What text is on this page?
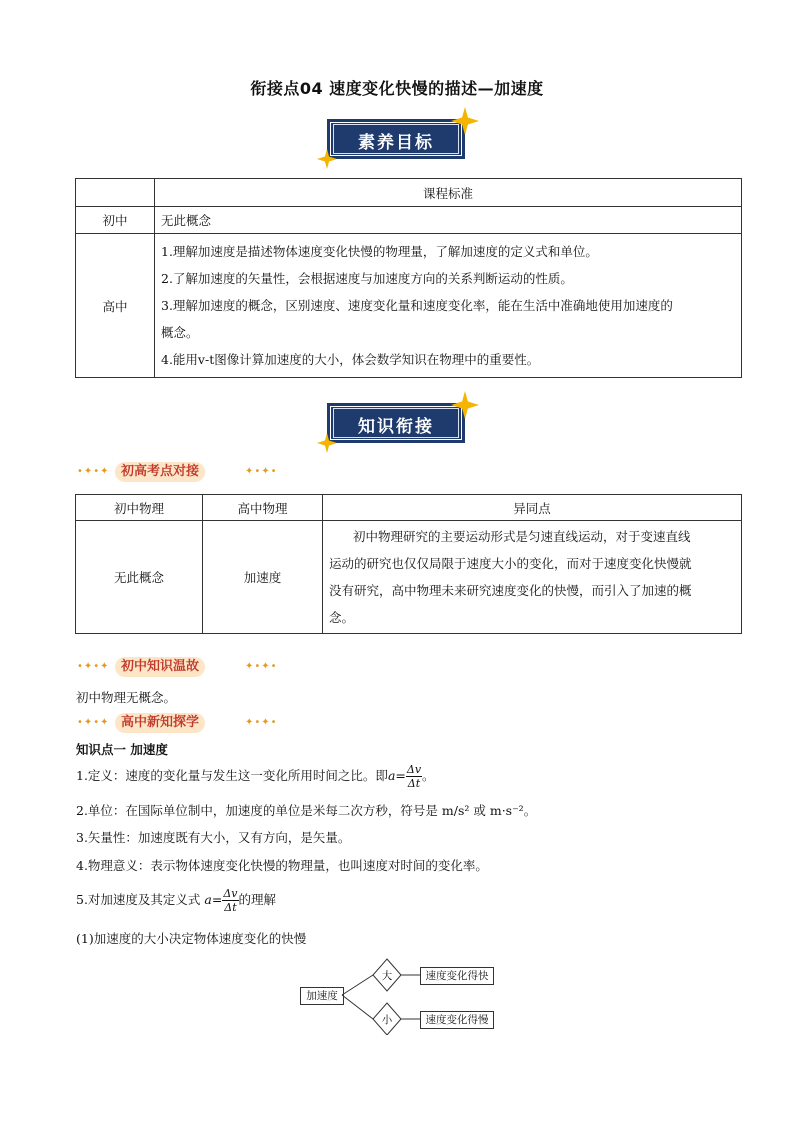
衔接点04 速度变化快慢的描述—加速度
素养目标
	课程标准
初中	无此概念
高中	1.理解加速度是描述物体速度变化快慢的物理量，了解加速度的定义式和单位。
2.了解加速度的矢量性，会根据速度与加速度方向的关系判断运动的性质。
3.理解加速度的概念，区别速度、速度变化量和速度变化率，能在生活中准确地使用加速度的
概念。
4.能用v-t图像计算加速度的大小，体会数学知识在物理中的重要性。
知识衔接
•✦•✦ 初高考点对接	✦•✦•
初中物理	高中物理	异同点
无此概念	加速度	初中物理研究的主要运动形式是匀速直线运动，对于变速直线
运动的研究也仅仅局限于速度大小的变化，而对于速度变化快慢就
没有研究，高中物理未来研究速度变化的快慢，而引入了加速的概
念。
•✦•✦ 初中知识温故	✦•✦•
初中物理无概念。
•✦•✦ 高中新知探学	✦•✦•
知识点一 加速度
1.定义：速度的变化量与发生这一变化所用时间之比。即$a= \frac{\Delta v}{\Delta t}$ 。
2.单位：在国际单位制中，加速度的单位是米每二次方秒，符号是 m/s² 或 m·s⁻²。
3.矢量性：加速度既有大小，又有方向，是矢量。
4.物理意义：表示物体速度变化快慢的物理量，也叫速度对时间的变化率。
5.对加速度及其定义式 $a= \frac{\Delta v}{\Delta t}$ 的理解
(1)加速度的大小决定物体速度变化的快慢
加速度
大
小
速度变化得快
速度变化得慢
